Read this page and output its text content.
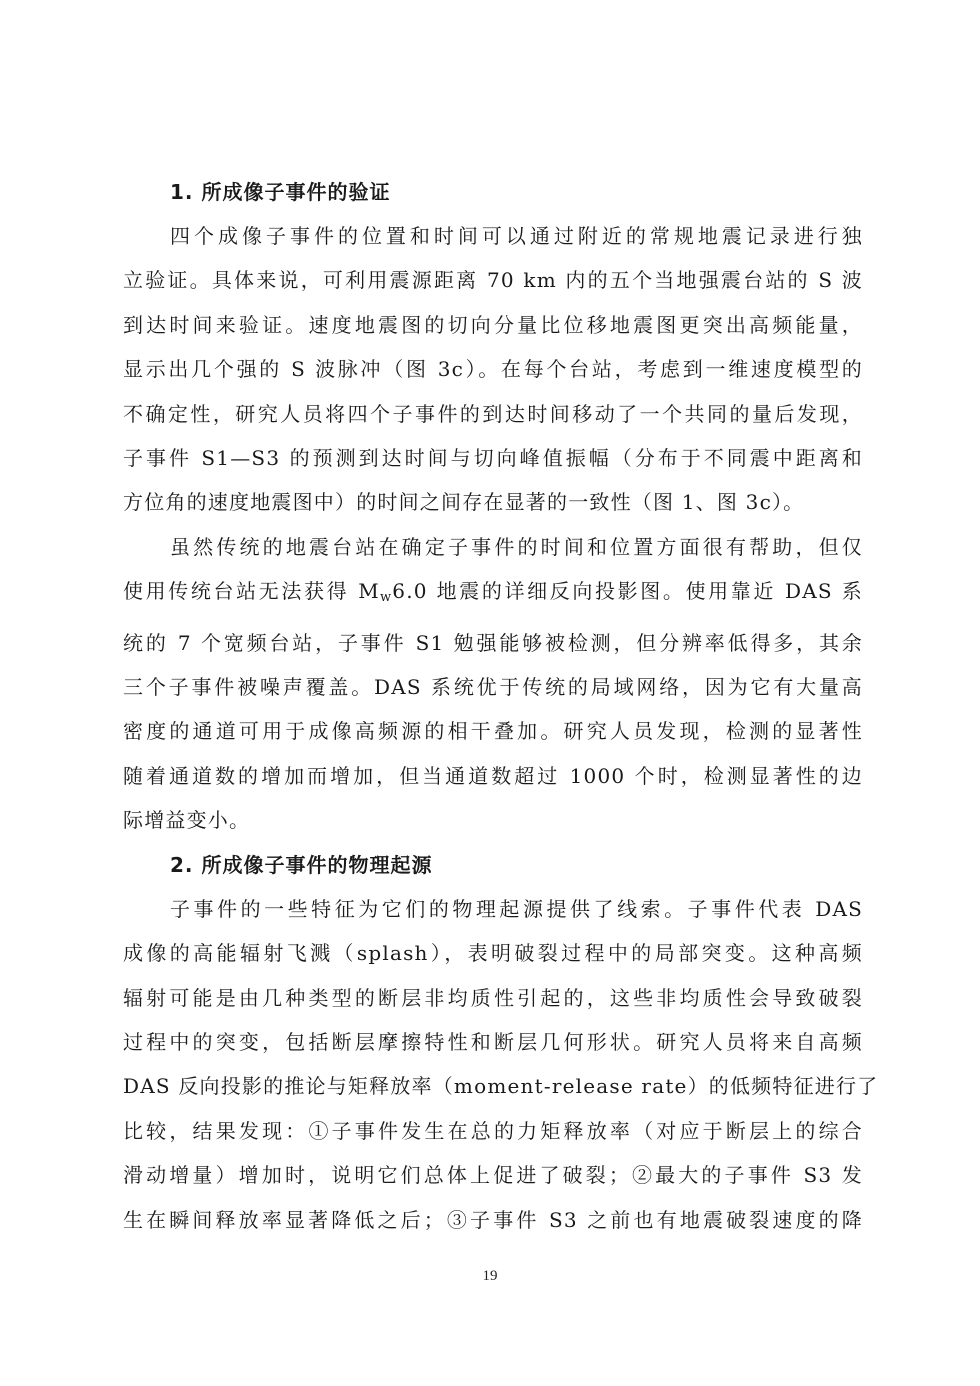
1. 所成像子事件的验证

四个成像子事件的位置和时间可以通过附近的常规地震记录进行独
立验证。具体来说，可利用震源距离 70 km 内的五个当地强震台站的 S 波
到达时间来验证。速度地震图的切向分量比位移地震图更突出高频能量，
显示出几个强的 S 波脉冲（图 3c）。在每个台站，考虑到一维速度模型的
不确定性，研究人员将四个子事件的到达时间移动了一个共同的量后发现，
子事件 S1—S3 的预测到达时间与切向峰值振幅（分布于不同震中距离和
方位角的速度地震图中）的时间之间存在显著的一致性（图 1、图 3c）。

虽然传统的地震台站在确定子事件的时间和位置方面很有帮助，但仅
使用传统台站无法获得 $M_w6.0$ 地震的详细反向投影图。使用靠近 DAS 系
统的 7 个宽频台站，子事件 S1 勉强能够被检测，但分辨率低得多，其余
三个子事件被噪声覆盖。DAS 系统优于传统的局域网络，因为它有大量高
密度的通道可用于成像高频源的相干叠加。研究人员发现，检测的显著性
随着通道数的增加而增加，但当通道数超过 1000 个时，检测显著性的边
际增益变小。

2. 所成像子事件的物理起源

子事件的一些特征为它们的物理起源提供了线索。子事件代表 DAS
成像的高能辐射飞溅（splash），表明破裂过程中的局部突变。这种高频
辐射可能是由几种类型的断层非均质性引起的，这些非均质性会导致破裂
过程中的突变，包括断层摩擦特性和断层几何形状。研究人员将来自高频
DAS 反向投影的推论与矩释放率（moment-release rate）的低频特征进行了
比较，结果发现：①子事件发生在总的力矩释放率（对应于断层上的综合
滑动增量）增加时，说明它们总体上促进了破裂；②最大的子事件 S3 发
生在瞬间释放率显著降低之后；③子事件 S3 之前也有地震破裂速度的降

19
